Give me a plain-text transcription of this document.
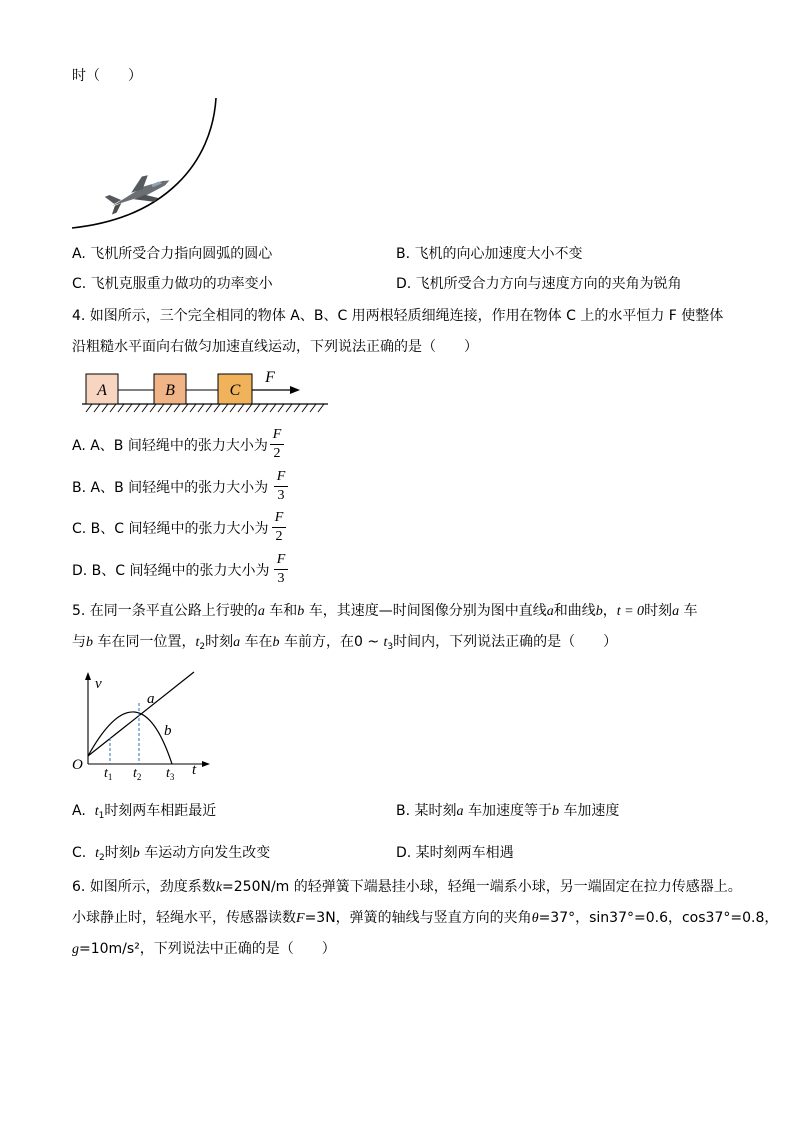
时（　　）
A. 飞机所受合力指向圆弧的圆心	B. 飞机的向心加速度大小不变
C. 飞机克服重力做功的功率变小	D. 飞机所受合力方向与速度方向的夹角为锐角
4. 如图所示，三个完全相同的物体 A、B、C 用两根轻质细绳连接，作用在物体 C 上的水平恒力 F 使整体
沿粗糙水平面向右做匀加速直线运动，下列说法正确的是（　　）
A	B	C
F
A. A、B 间轻绳中的张力大小为
F
2
B. A、B 间轻绳中的张力大小为
F
3
C. B、C 间轻绳中的张力大小为
F
2
D. B、C 间轻绳中的张力大小为
F
3
5. 在同一条平直公路上行驶的a 车和b 车，其速度—时间图像分别为图中直线a和曲线b，t = 0时刻a 车
与b 车在同一位置，$t_2$时刻a 车在b 车前方，在0 ~ $t_3$时间内，下列说法正确的是（　　）
v
O
a
b
t
$t_1$ $t_2$ $t_3$
A. $t_1$时刻两车相距最近	B. 某时刻a 车加速度等于b 车加速度
C. $t_2$时刻b 车运动方向发生改变	D. 某时刻两车相遇
6. 如图所示，劲度系数k=250N/m 的轻弹簧下端悬挂小球，轻绳一端系小球，另一端固定在拉力传感器上。
小球静止时，轻绳水平，传感器读数F=3N，弹簧的轴线与竖直方向的夹角θ=37°，sin37°=0.6，cos37°=0.8，
g=10m/s²，下列说法中正确的是（　　）
